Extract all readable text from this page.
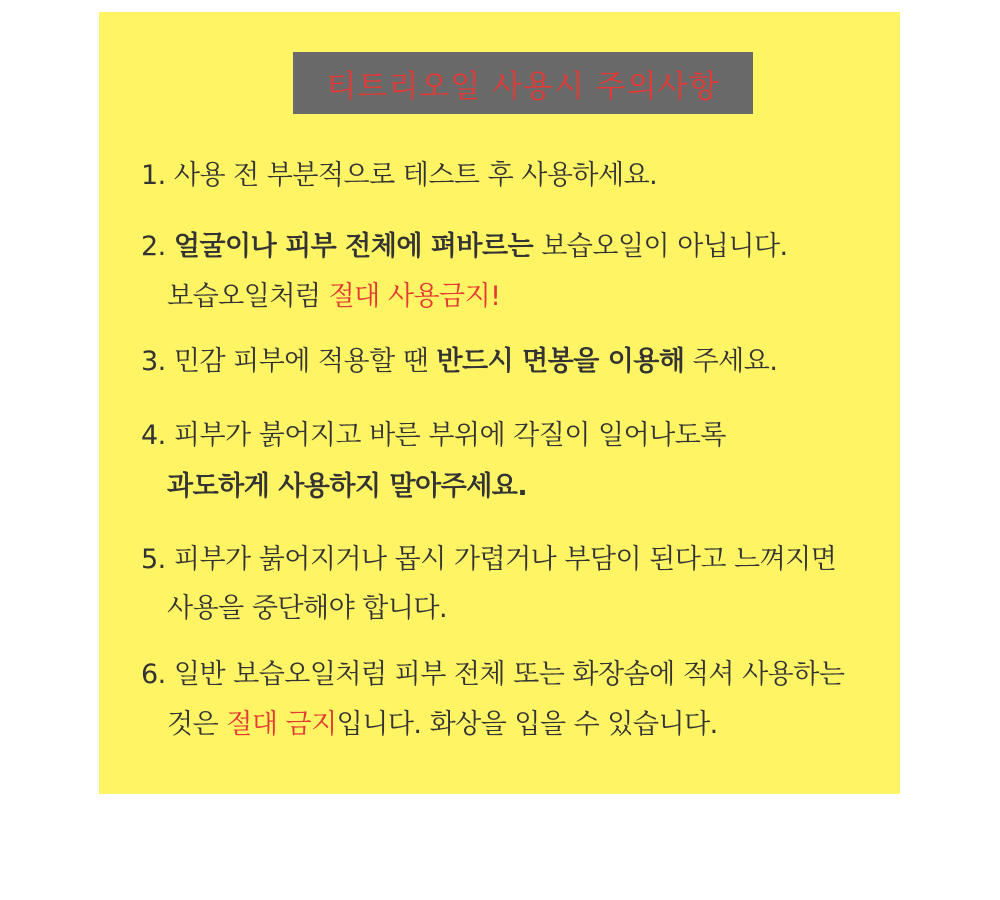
티트리오일 사용시 주의사항
1. 사용 전 부분적으로 테스트 후 사용하세요.
2. 얼굴이나 피부 전체에 펴바르는 보습오일이 아닙니다.
보습오일처럼 절대 사용금지!
3. 민감 피부에 적용할 땐 반드시 면봉을 이용해 주세요.
4. 피부가 붉어지고 바른 부위에 각질이 일어나도록
과도하게 사용하지 말아주세요.
5. 피부가 붉어지거나 몹시 가렵거나 부담이 된다고 느껴지면
사용을 중단해야 합니다.
6. 일반 보습오일처럼 피부 전체 또는 화장솜에 적셔 사용하는
것은 절대 금지입니다. 화상을 입을 수 있습니다.
